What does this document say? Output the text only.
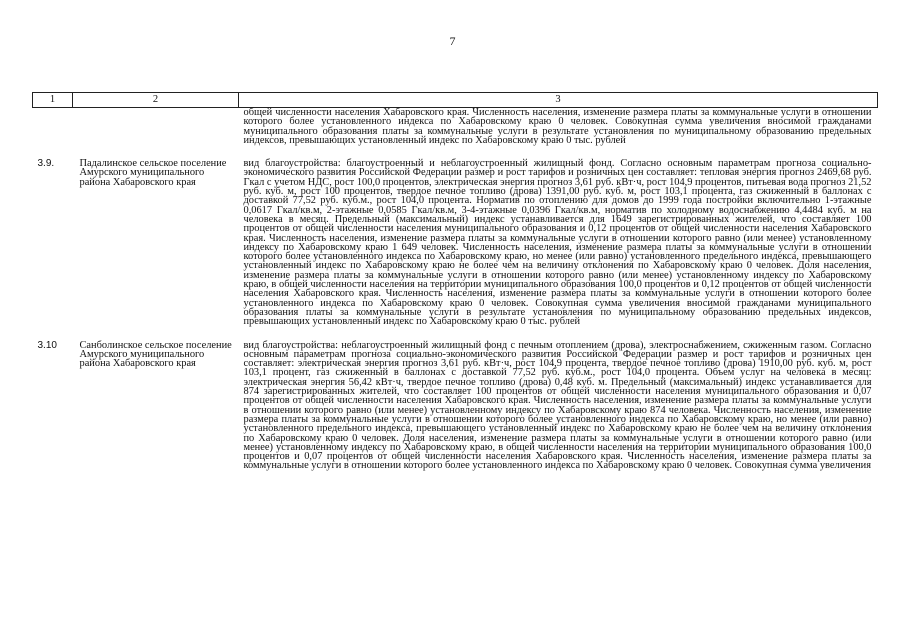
7
1	2	3
		общей численности населения Хабаровского края. Численность населения, изменение размера платы за коммунальные услуги в отношении которого более установленного индекса по Хабаровскому краю 0 человек. Совокупная сумма увеличения вносимой гражданами муниципального образования платы за коммунальные услуги в результате установления по муниципальному образованию предельных индексов, превышающих установленный индекс по Хабаровскому краю 0 тыс. рублей

3.9.	Падалинское сельское поселение Амурского муниципального района Хабаровского края	вид благоустройства: благоустроенный и неблагоустроенный жилищный фонд. Согласно основным параметрам прогноза социально-экономического развития Российской Федерации размер и рост тарифов и розничных цен составляет: тепловая энергия прогноз 2469,68 руб. Гкал с учетом НДС, рост 100,0 процентов, электрическая энергия прогноз 3,61 руб. кВт·ч, рост 104,9 процентов, питьевая вода прогноз 21,52 руб. куб. м, рост 100 процентов, твердое печное топливо (дрова) 1391,00 руб. куб. м, рост 103,1 процента, газ сжиженный в баллонах с доставкой 77,52 руб. куб.м., рост 104,0 процента. Норматив по отоплению для домов до 1999 года постройки включительно 1-этажные 0,0617 Гкал/кв.м, 2-этажные 0,0585 Гкал/кв.м, 3-4-этажные 0,0396 Гкал/кв.м, норматив по холодному водоснабжению 4,4484 куб. м на человека в месяц. Предельный (максимальный) индекс устанавливается для 1649 зарегистрированных жителей, что составляет 100 процентов от общей численности населения муниципального образования и 0,12 процентов от общей численности населения Хабаровского края. Численность населения, изменение размера платы за коммунальные услуги в отношении которого равно (или менее) установленному индексу по Хабаровскому краю 1 649 человек. Численность населения, изменение размера платы за коммунальные услуги в отношении которого более установленного индекса по Хабаровскому краю, но менее (или равно) установленного предельного индекса, превышающего установленный индекс по Хабаровскому краю не более чем на величину отклонения по Хабаровскому краю 0 человек. Доля населения, изменение размера платы за коммунальные услуги в отношении которого равно (или менее) установленному индексу по Хабаровскому краю, в общей численности населения на территории муниципального образования 100,0 процентов и 0,12 процентов от общей численности населения Хабаровского края. Численность населения, изменение размера платы за коммунальные услуги в отношении которого более установленного индекса по Хабаровскому краю 0 человек. Совокупная сумма увеличения вносимой гражданами муниципального образования платы за коммунальные услуги в результате установления по муниципальному образованию предельных индексов, превышающих установленный индекс по Хабаровскому краю 0 тыс. рублей

3.10	Санболинское сельское поселение Амурского муниципального района Хабаровского края	вид благоустройства: неблагоустроенный жилищный фонд с печным отоплением (дрова), электроснабжением, сжиженным газом. Согласно основным параметрам прогноза социально-экономического развития Российской Федерации размер и рост тарифов и розничных цен составляет: электрическая энергия прогноз 3,61 руб. кВт·ч, рост 104,9 процента, твердое печное топливо (дрова) 1910,00 руб. куб. м, рост 103,1 процент, газ сжиженный в баллонах с доставкой 77,52 руб. куб.м., рост 104,0 процента. Объем услуг на человека в месяц: электрическая энергия 56,42 кВт·ч, твердое печное топливо (дрова) 0,48 куб. м. Предельный (максимальный) индекс устанавливается для 874 зарегистрированных жителей, что составляет 100 процентов от общей численности населения муниципального образования и 0,07 процентов от общей численности населения Хабаровского края. Численность населения, изменение размера платы за коммунальные услуги в отношении которого равно (или менее) установленному индексу по Хабаровскому краю 874 человека. Численность населения, изменение размера платы за коммунальные услуги в отношении которого более установленного индекса по Хабаровскому краю, но менее (или равно) установленного предельного индекса, превышающего установленный индекс по Хабаровскому краю не более чем на величину отклонения по Хабаровскому краю 0 человек. Доля населения, изменение размера платы за коммунальные услуги в отношении которого равно (или менее) установленному индексу по Хабаровскому краю, в общей численности населения на территории муниципального образования 100,0 процентов и 0,07 процентов от общей численности населения Хабаровского края. Численность населения, изменение размера платы за коммунальные услуги в отношении которого более установленного индекса по Хабаровскому краю 0 человек. Совокупная сумма увеличения
